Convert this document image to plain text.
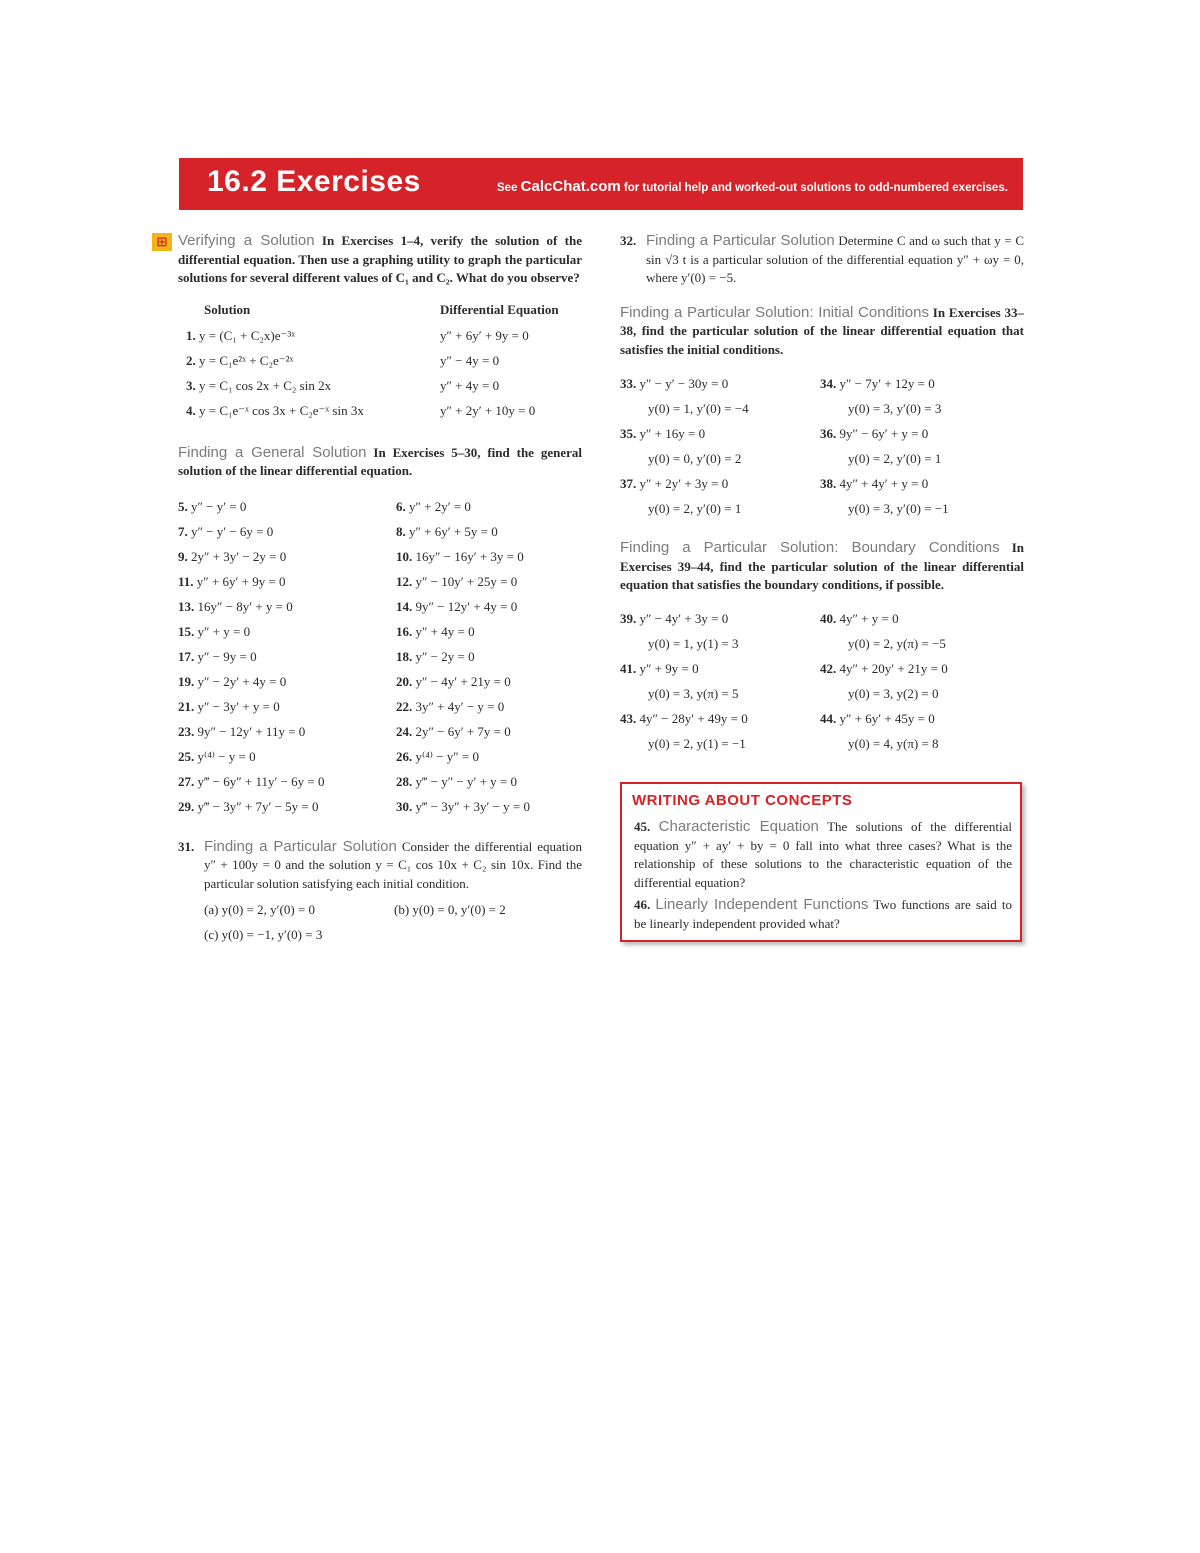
16.2 Exercises	See CalcChat.com for tutorial help and worked-out solutions to odd-numbered exercises.
⊞ Verifying a Solution In Exercises 1–4, verify the solution of the differential equation. Then use a graphing utility to graph the particular solutions for several different values of C₁ and C₂. What do you observe?
Solution	Differential Equation
1. y = (C₁ + C₂x)e⁻³ˣ	y″ + 6y′ + 9y = 0
2. y = C₁e²ˣ + C₂e⁻²ˣ	y″ − 4y = 0
3. y = C₁ cos 2x + C₂ sin 2x	y″ + 4y = 0
4. y = C₁e⁻ˣ cos 3x + C₂e⁻ˣ sin 3x	y″ + 2y′ + 10y = 0
Finding a General Solution In Exercises 5–30, find the general solution of the linear differential equation.
5. y″ − y′ = 0	6. y″ + 2y′ = 0
7. y″ − y′ − 6y = 0	8. y″ + 6y′ + 5y = 0
9. 2y″ + 3y′ − 2y = 0	10. 16y″ − 16y′ + 3y = 0
11. y″ + 6y′ + 9y = 0	12. y″ − 10y′ + 25y = 0
13. 16y″ − 8y′ + y = 0	14. 9y″ − 12y′ + 4y = 0
15. y″ + y = 0	16. y″ + 4y = 0
17. y″ − 9y = 0	18. y″ − 2y = 0
19. y″ − 2y′ + 4y = 0	20. y″ − 4y′ + 21y = 0
21. y″ − 3y′ + y = 0	22. 3y″ + 4y′ − y = 0
23. 9y″ − 12y′ + 11y = 0	24. 2y″ − 6y′ + 7y = 0
25. y⁽⁴⁾ − y = 0	26. y⁽⁴⁾ − y″ = 0
27. y‴ − 6y″ + 11y′ − 6y = 0	28. y‴ − y″ − y′ + y = 0
29. y‴ − 3y″ + 7y′ − 5y = 0	30. y‴ − 3y″ + 3y′ − y = 0
31. Finding a Particular Solution Consider the differential equation y″ + 100y = 0 and the solution y = C₁ cos 10x + C₂ sin 10x. Find the particular solution satisfying each initial condition.
(a) y(0) = 2, y′(0) = 0	(b) y(0) = 0, y′(0) = 2
(c) y(0) = −1, y′(0) = 3
32. Finding a Particular Solution Determine C and ω such that y = C sin √3 t is a particular solution of the differential equation y″ + ωy = 0, where y′(0) = −5.
Finding a Particular Solution: Initial Conditions In Exercises 33–38, find the particular solution of the linear differential equation that satisfies the initial conditions.
33. y″ − y′ − 30y = 0	34. y″ − 7y′ + 12y = 0
y(0) = 1, y′(0) = −4	y(0) = 3, y′(0) = 3
35. y″ + 16y = 0	36. 9y″ − 6y′ + y = 0
y(0) = 0, y′(0) = 2	y(0) = 2, y′(0) = 1
37. y″ + 2y′ + 3y = 0	38. 4y″ + 4y′ + y = 0
y(0) = 2, y′(0) = 1	y(0) = 3, y′(0) = −1
Finding a Particular Solution: Boundary Conditions In Exercises 39–44, find the particular solution of the linear differential equation that satisfies the boundary conditions, if possible.
39. y″ − 4y′ + 3y = 0	40. 4y″ + y = 0
y(0) = 1, y(1) = 3	y(0) = 2, y(π) = −5
41. y″ + 9y = 0	42. 4y″ + 20y′ + 21y = 0
y(0) = 3, y(π) = 5	y(0) = 3, y(2) = 0
43. 4y″ − 28y′ + 49y = 0	44. y″ + 6y′ + 45y = 0
y(0) = 2, y(1) = −1	y(0) = 4, y(π) = 8
WRITING ABOUT CONCEPTS
45. Characteristic Equation The solutions of the differential equation y″ + ay′ + by = 0 fall into what three cases? What is the relationship of these solutions to the characteristic equation of the differential equation?
46. Linearly Independent Functions Two functions are said to be linearly independent provided what?
